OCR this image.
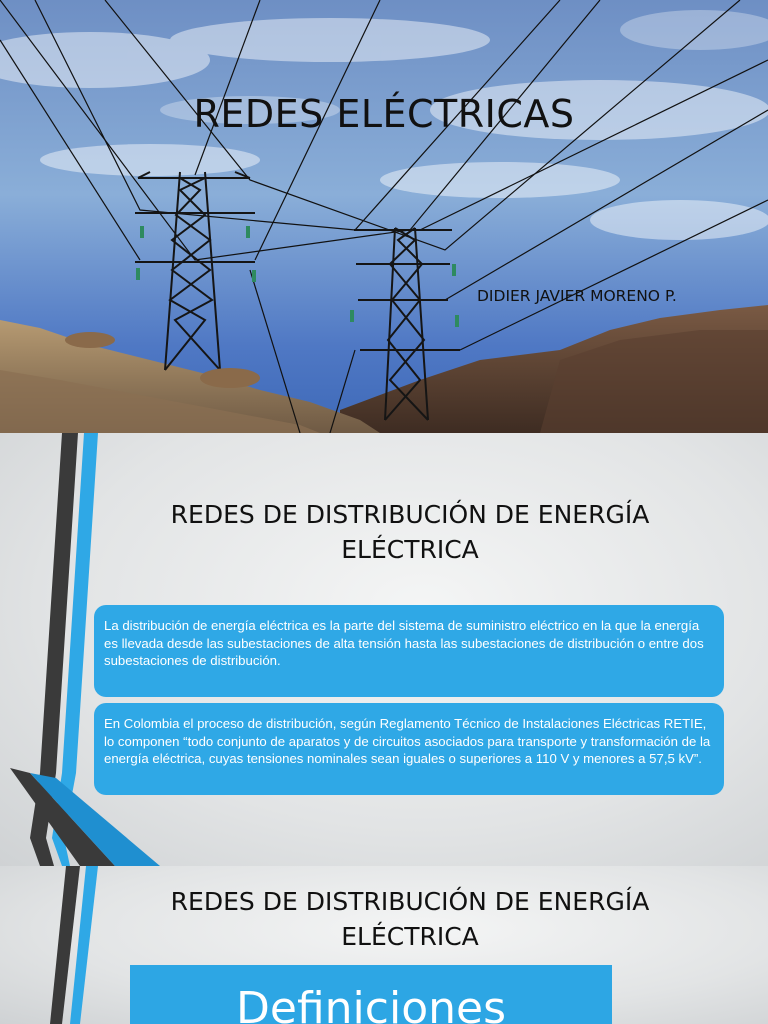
REDES ELÉCTRICAS
DIDIER JAVIER MORENO P.
REDES DE DISTRIBUCIÓN DE ENERGÍA
ELÉCTRICA
La distribución de energía eléctrica es la parte del sistema de suministro eléctrico en la que la energía es llevada desde las subestaciones de alta tensión hasta las subestaciones de distribución o entre dos subestaciones de distribución.
En Colombia el proceso de distribución, según Reglamento Técnico de Instalaciones Eléctricas RETIE, lo componen “todo conjunto de aparatos y de circuitos asociados para transporte y transformación de la energía eléctrica, cuyas tensiones nominales sean iguales o superiores a 110 V y menores a 57,5 kV”.
REDES DE DISTRIBUCIÓN DE ENERGÍA
ELÉCTRICA
Definiciones
